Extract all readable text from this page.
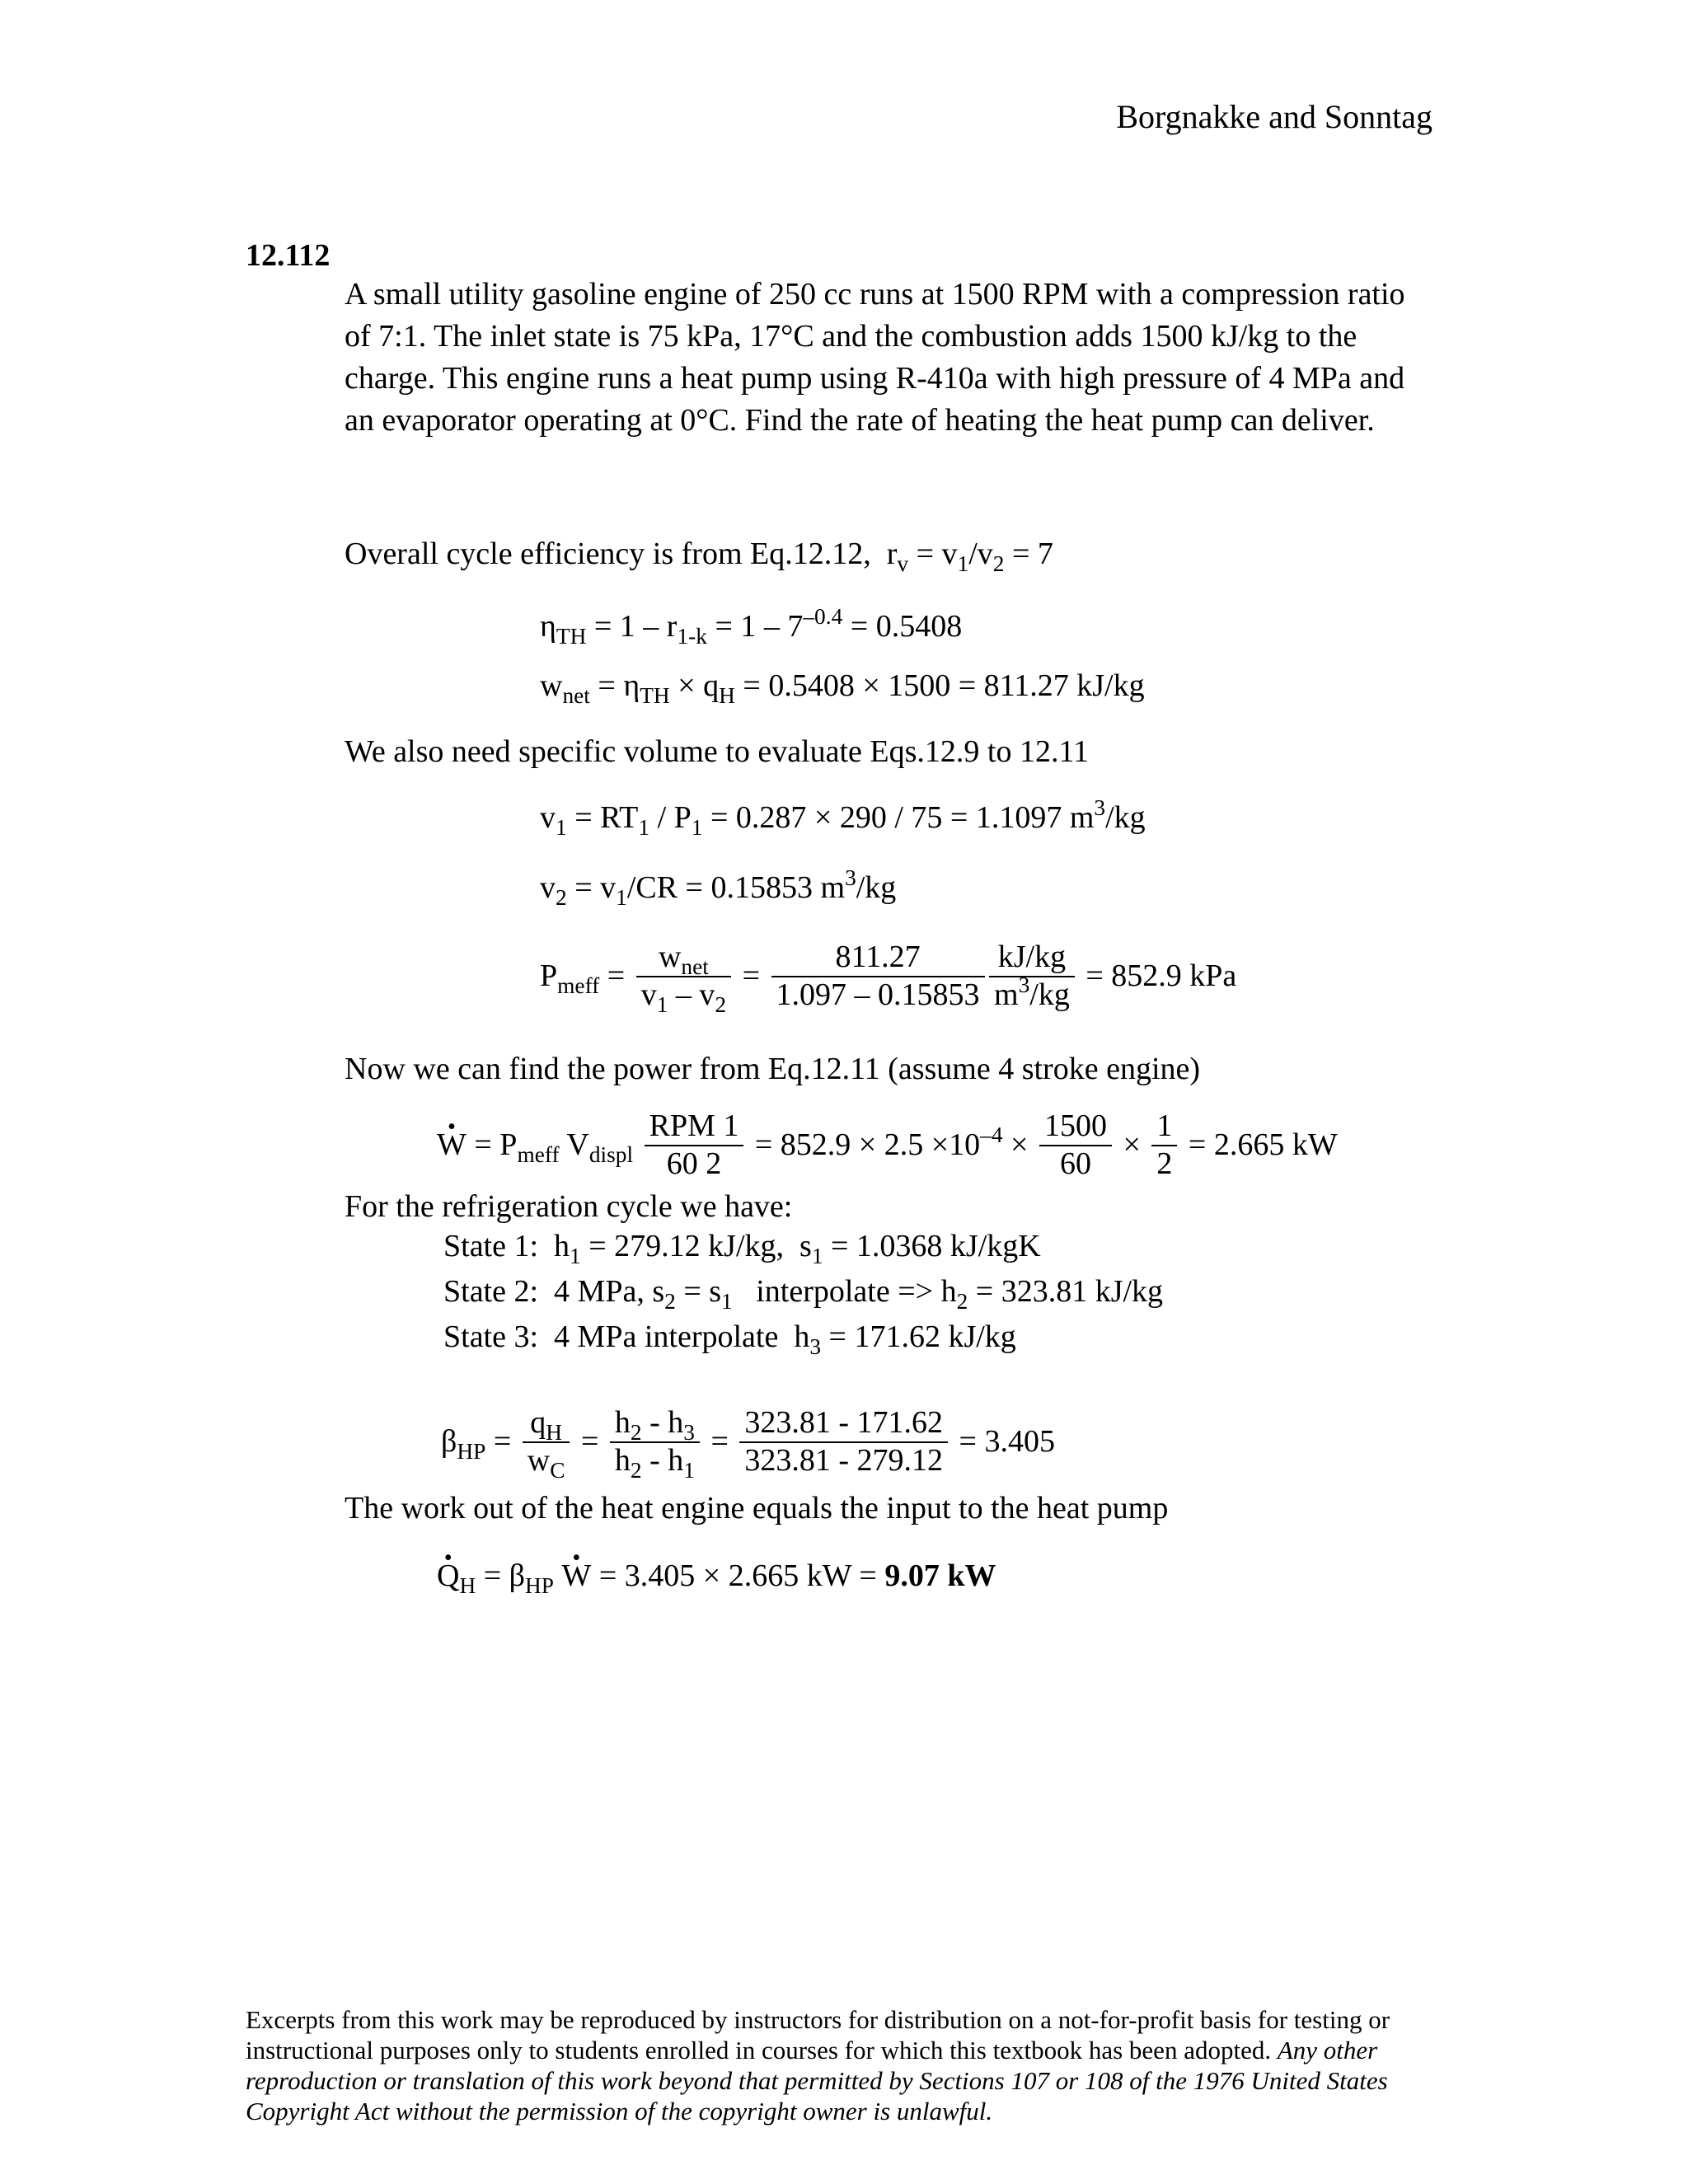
Borgnakke and Sonntag
12.112
A small utility gasoline engine of 250 cc runs at 1500 RPM with a compression ratio of 7:1. The inlet state is 75 kPa, 17°C and the combustion adds 1500 kJ/kg to the charge. This engine runs a heat pump using R-410a with high pressure of 4 MPa and an evaporator operating at 0°C. Find the rate of heating the heat pump can deliver.
Overall cycle efficiency is from Eq.12.12, $r_v = v_1/v_2 = 7$
$\eta_{TH} = 1 - r_{1-k} = 1 - 7^{-0.4} = 0.5408$
$w_{net} = \eta_{TH} \times q_H = 0.5408 \times 1500 = 811.27$ kJ/kg
We also need specific volume to evaluate Eqs.12.9 to 12.11
$v_1 = RT_1 / P_1 = 0.287 \times 290 / 75 = 1.1097$ $m^3/kg$
$v_2 = v_1/CR = 0.15853$ $m^3/kg$
$P_{meff} = \frac{w_{net}}{v_1 - v_2} = \frac{811.27}{1.097 - 0.15853}$
$\frac{kJ/kg}{m^3/kg} = 852.9$ kPa
Now we can find the power from Eq.12.11 (assume 4 stroke engine)
• $W = P_{meff}$ $V_{displ} \frac{\text{RPM 1}}{60 2} = 852.9 \times 2.5 \times 10^{-4} \times \frac{1500}{60} \times \frac{1}{2} = 2.665$ kW
For the refrigeration cycle we have:
State 1:  $h_1 = 279.12$ kJ/kg,  $s_1 = 1.0368$ kJ/kgK
State 2: 4 MPa, $s_2 = s_1$ interpolate => $h_2 = 323.81$ kJ/kg
State 3: 4 MPa interpolate  $h_3 = 171.62$ kJ/kg
$\beta_{HP} = \frac{q_H}{w_C} = \frac{h_2 - h_3}{h_2 - h_1} = \frac{323.81 - 171.62}{323.81 - 279.12} = 3.405$
The work out of the heat engine equals the input to the heat pump
• $Q_H = \beta_{HP}$ • W = 3.405 × 2.665 kW = 9.07 kW
Excerpts from this work may be reproduced by instructors for distribution on a not-for-profit basis for testing or instructional purposes only to students enrolled in courses for which this textbook has been adopted. Any other reproduction or translation of this work beyond that permitted by Sections 107 or 108 of the 1976 United States Copyright Act without the permission of the copyright owner is unlawful.
